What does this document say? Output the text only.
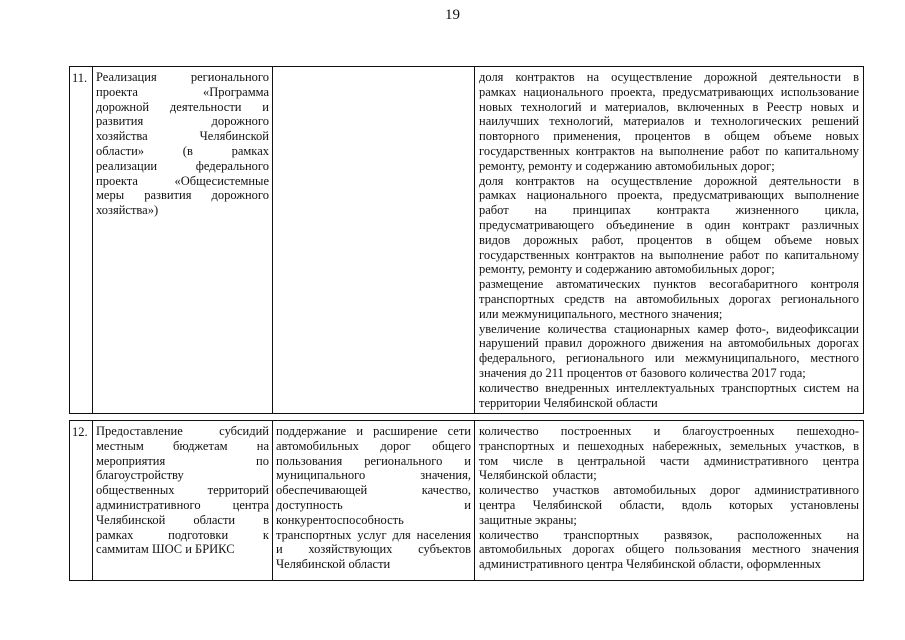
19
11. Реализация регионального
проекта «Программа
дорожной деятельности и
развития дорожного
хозяйства Челябинской
области» (в рамках
реализации федерального
проекта «Общесистемные
меры развития дорожного
хозяйства»)
доля контрактов на осуществление дорожной деятельности в
рамках национального проекта, предусматривающих использование
новых технологий и материалов, включенных в Реестр новых и
наилучших технологий, материалов и технологических решений
повторного применения, процентов в общем объеме новых
государственных контрактов на выполнение работ по капитальному
ремонту, ремонту и содержанию автомобильных дорог;
доля контрактов на осуществление дорожной деятельности в
рамках национального проекта, предусматривающих выполнение
работ на принципах контракта жизненного цикла,
предусматривающего объединение в один контракт различных
видов дорожных работ, процентов в общем объеме новых
государственных контрактов на выполнение работ по капитальному
ремонту, ремонту и содержанию автомобильных дорог;
размещение автоматических пунктов весогабаритного контроля
транспортных средств на автомобильных дорогах регионального
или межмуниципального, местного значения;
увеличение количества стационарных камер фото-, видеофиксации
нарушений правил дорожного движения на автомобильных дорогах
федерального, регионального или межмуниципального, местного
значения до 211 процентов от базового количества 2017 года;
количество внедренных интеллектуальных транспортных систем на
территории Челябинской области
12. Предоставление субсидий
местным бюджетам на
мероприятия по
благоустройству
общественных территорий
административного центра
Челябинской области в
рамках подготовки к
саммитам ШОС и БРИКС
поддержание и расширение сети
автомобильных дорог общего
пользования регионального и
муниципального значения,
обеспечивающей качество,
доступность и
конкурентоспособность
транспортных услуг для населения
и хозяйствующих субъектов
Челябинской области
количество построенных и благоустроенных пешеходно-
транспортных и пешеходных набережных, земельных участков, в
том числе в центральной части административного центра
Челябинской области;
количество участков автомобильных дорог административного
центра Челябинской области, вдоль которых установлены
защитные экраны;
количество транспортных развязок, расположенных на
автомобильных дорогах общего пользования местного значения
административного центра Челябинской области, оформленных
